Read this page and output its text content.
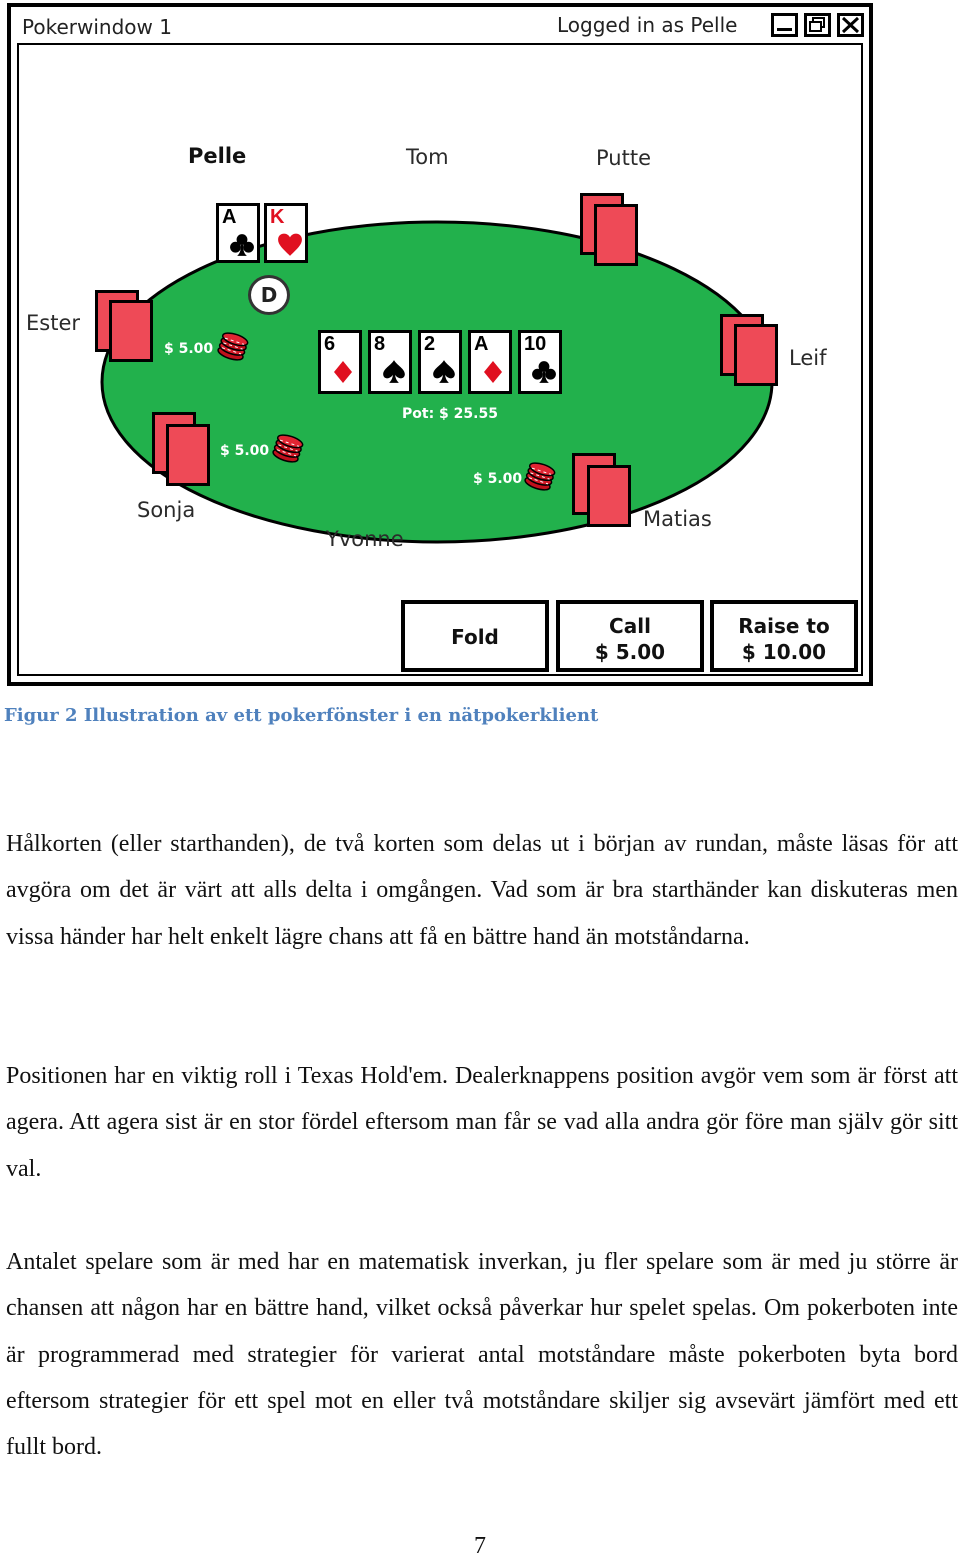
Pokerwindow 1	Logged in as Pelle
Pelle	Tom	Putte
Ester
Leif
Sonja
Yvonne
Matias
A K
D
6 8 2 A 10
$ 5.00
$ 5.00
$ 5.00
Pot: $ 25.55
Fold	Call
$ 5.00
Raise to
$ 10.00
Figur 2 Illustration av ett pokerfönster i en nätpokerklient

Hålkorten (eller starthanden), de två korten som delas ut i början av rundan, måste läsas för att avgöra om det är värt att alls delta i omgången. Vad som är bra starthänder kan diskuteras men vissa händer har helt enkelt lägre chans att få en bättre hand än motståndarna.

Positionen har en viktig roll i Texas Hold'em. Dealerknappens position avgör vem som är först att agera. Att agera sist är en stor fördel eftersom man får se vad alla andra gör före man själv gör sitt val.

Antalet spelare som är med har en matematisk inverkan, ju fler spelare som är med ju större är chansen att någon har en bättre hand, vilket också påverkar hur spelet spelas. Om pokerboten inte är programmerad med strategier för varierat antal motståndare måste pokerboten byta bord eftersom strategier för ett spel mot en eller två motståndare skiljer sig avsevärt jämfört med ett fullt bord.

7
